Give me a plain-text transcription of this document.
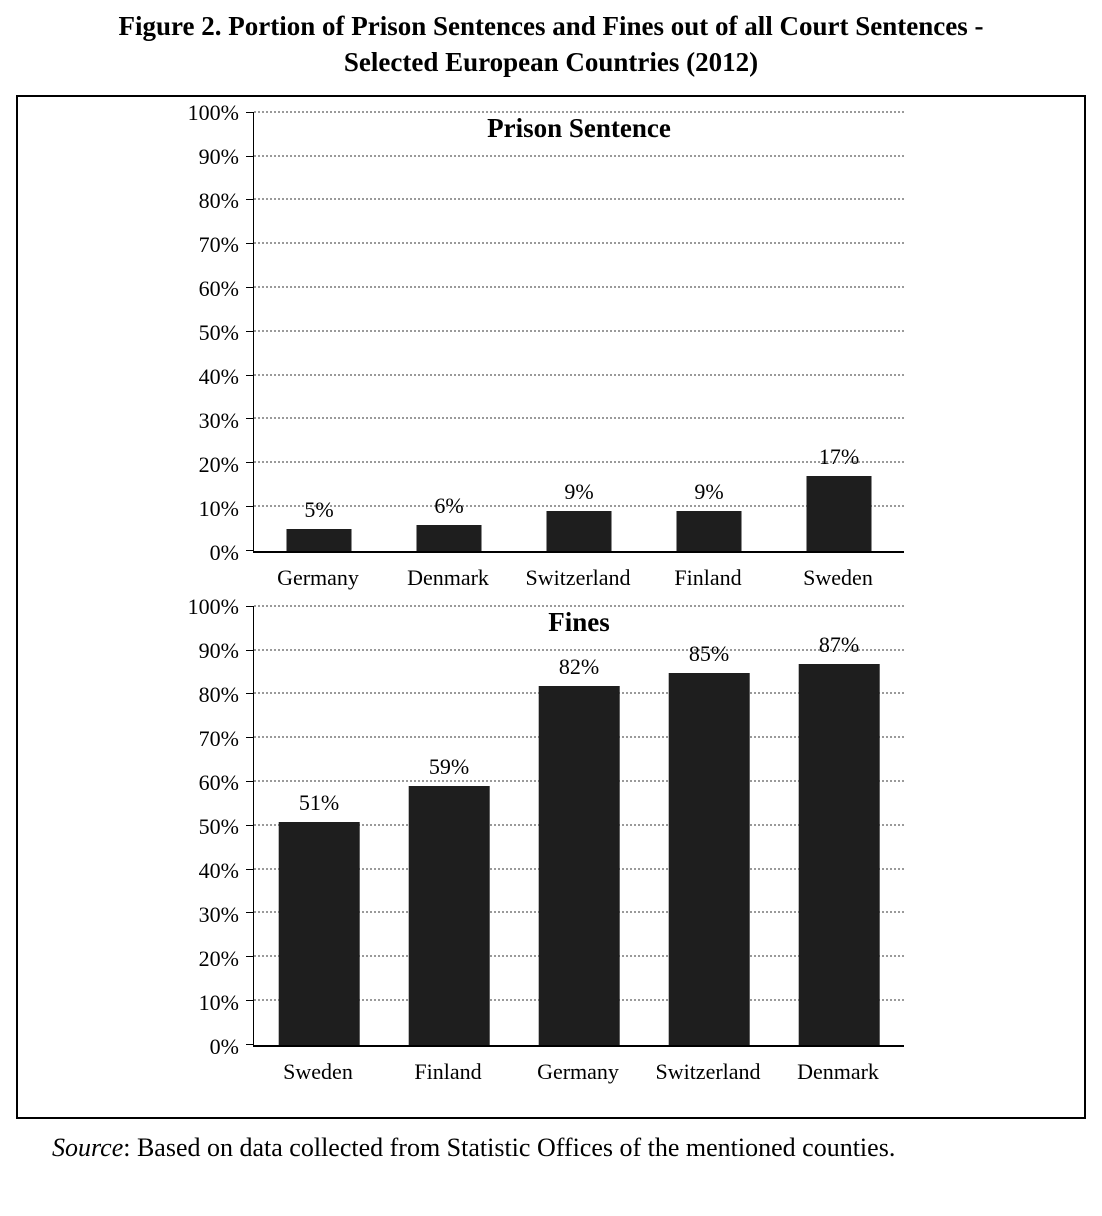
Figure 2. Portion of Prison Sentences and Fines out of all Court Sentences -
Selected European Countries (2012)
0%
10%
20%
30%
40%
50%
60%
70%
80%
90%
100%
Prison Sentence
5%	6%
9%	9%
17%
Germany	Denmark	Switzerland	Finland	Sweden
0%
10%
20%
30%
40%
50%
60%
70%
80%
90%
100%
Fines
51%
59%
82%
85%	87%
Sweden	Finland	Germany	Switzerland	Denmark
Source: Based on data collected from Statistic Offices of the mentioned counties.
